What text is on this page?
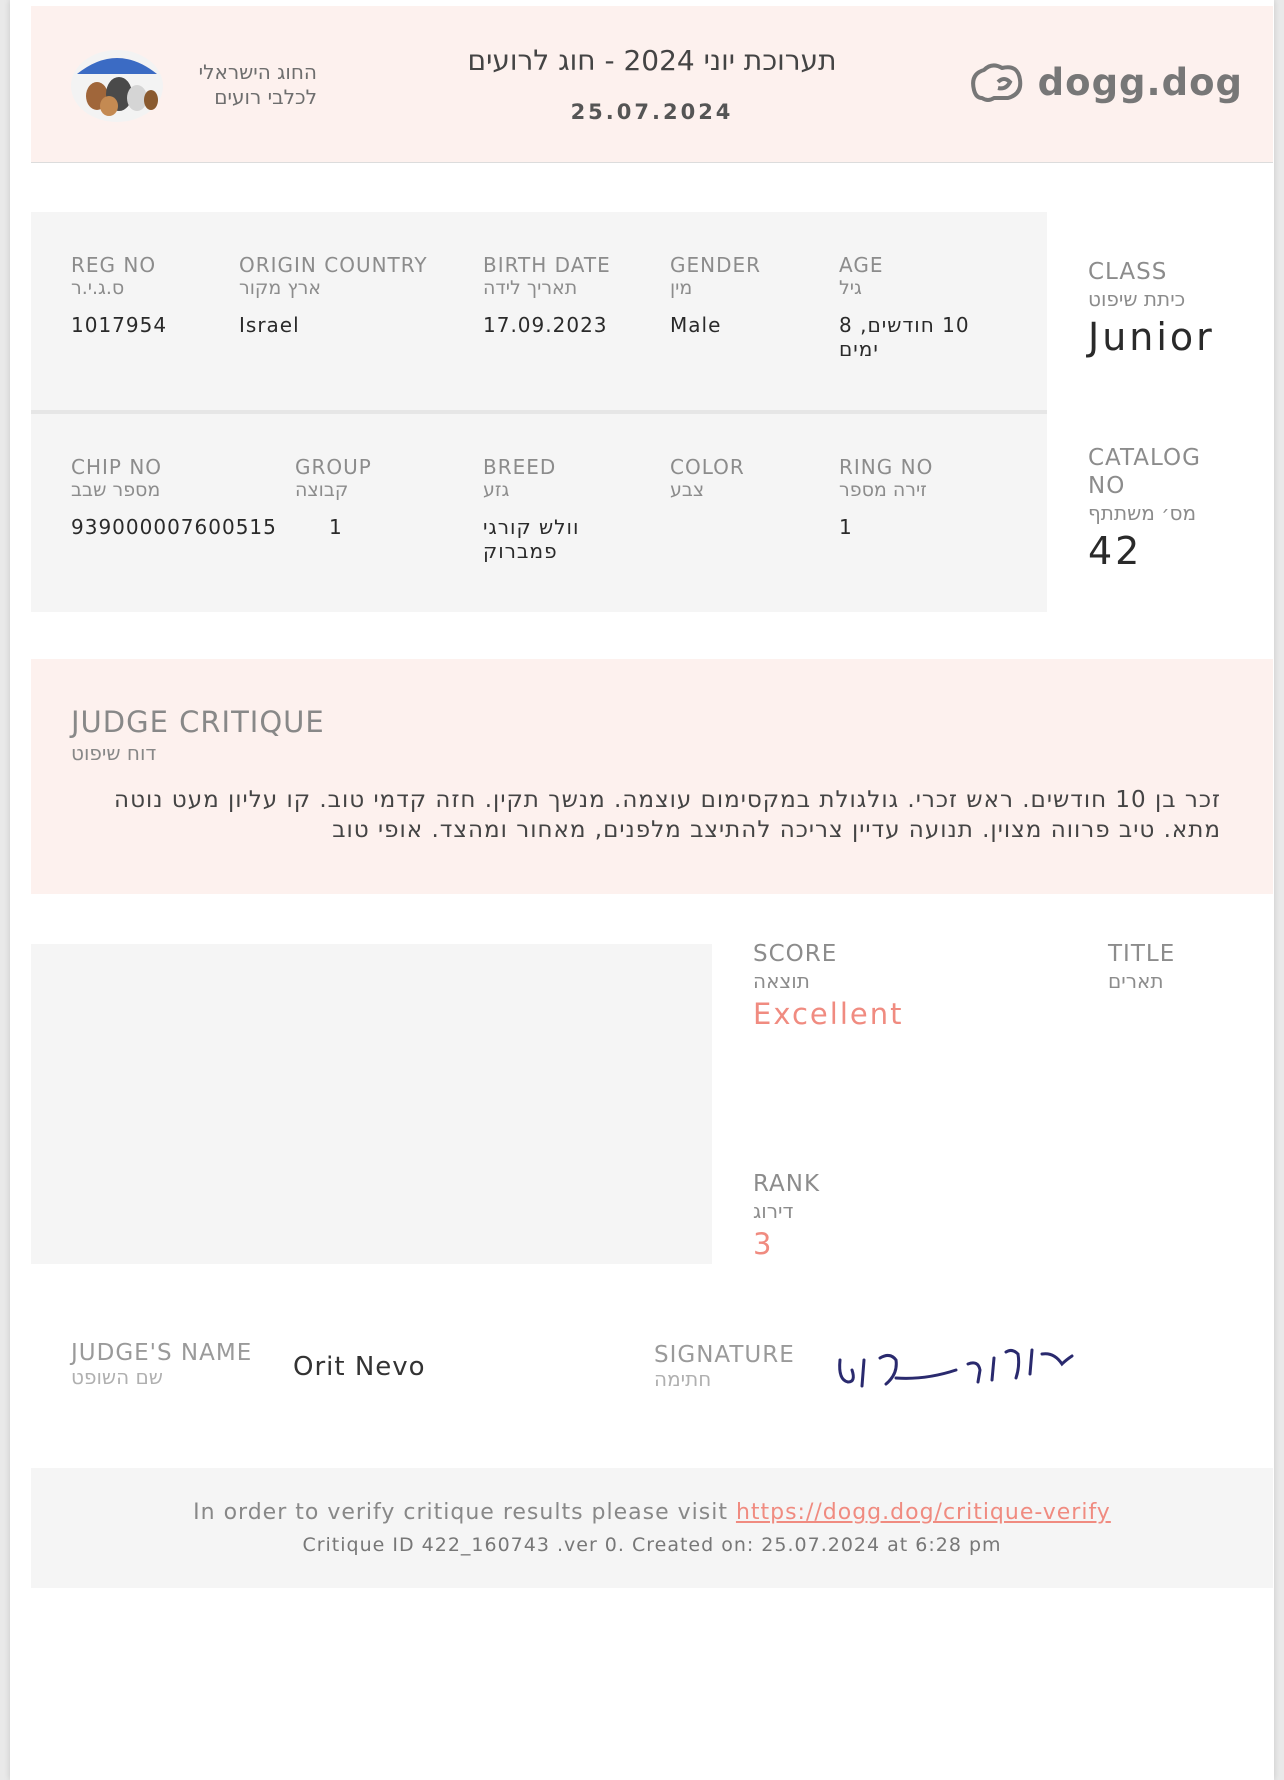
החוג הישראלי לכלבי רועים
תערוכת יוני 2024 - חוג לרועים
25.07.2024
dogg.dog
REG NO
ס.ג.י.ר
1017954
ORIGIN COUNTRY
ארץ מקור
Israel
BIRTH DATE
תאריך לידה
17.09.2023
GENDER
מין
Male
AGE
גיל
10 חודשים, 8 ימים
CHIP NO
מספר שבב
939000007600515
GROUP
קבוצה
1
BREED
גזע
וולש קורגי פמברוק
COLOR
צבע
RING NO
זירה מספר
1
CLASS
כיתת שיפוט
Junior
CATALOG NO
מס׳ משתתף
42
JUDGE CRITIQUE
דוח שיפוט
זכר בן 10 חודשים. ראש זכרי. גולגולת במקסימום עוצמה. מנשך תקין. חזה קדמי טוב. קו עליון מעט נוטה מתא. טיב פרווה מצוין. תנועה עדיין צריכה להתיצב מלפנים, מאחור ומהצד. אופי טוב
SCORE
תוצאה
Excellent
TITLE
תארים
RANK
דירוג
3
JUDGE'S NAME
שם השופט	Orit Nevo	SIGNATURE
חתימה
In order to verify critique results please visit https://dogg.dog/critique-verify
Critique ID 422_160743 .ver 0. Created on: 25.07.2024 at 6:28 pm
